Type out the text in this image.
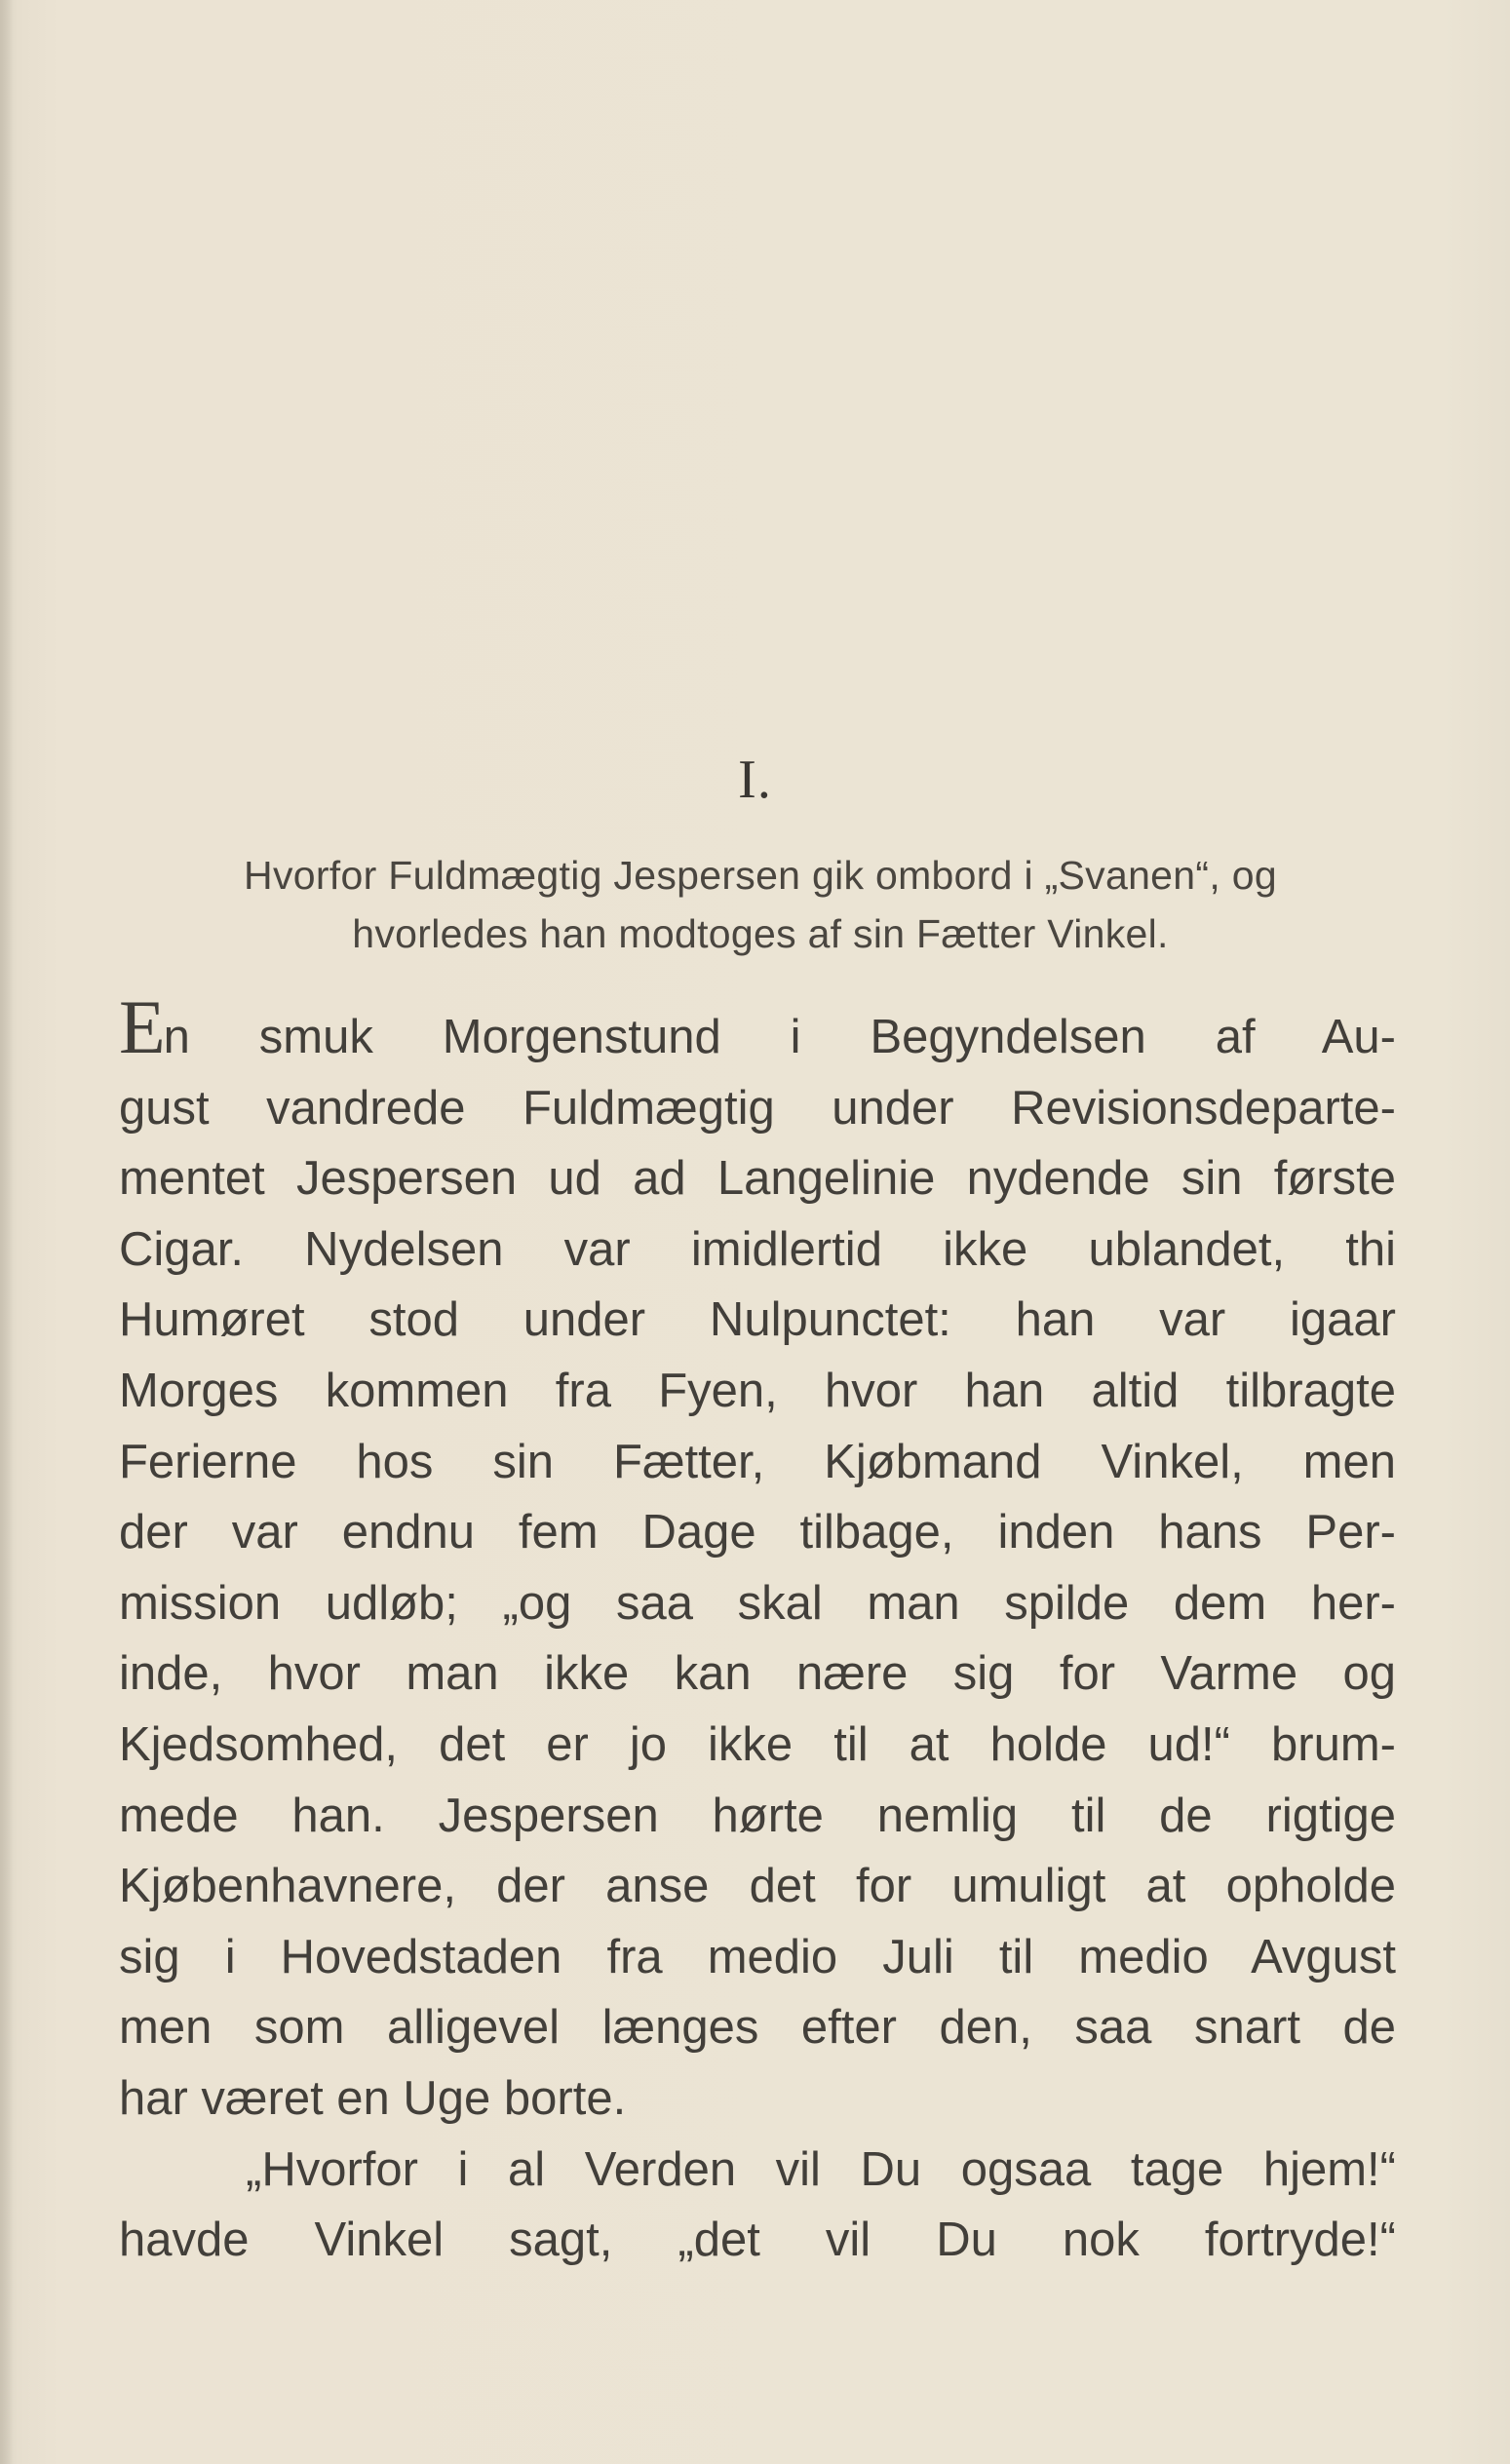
I.
Hvorfor Fuldmægtig Jespersen gik ombord i „Svanen“, og
hvorledes han modtoges af sin Fætter Vinkel.
En smuk Morgenstund i Begyndelsen af Au-
gust vandrede Fuldmægtig under Revisionsdeparte-
mentet Jespersen ud ad Langelinie nydende sin første
Cigar. Nydelsen var imidlertid ikke ublandet, thi
Humøret stod under Nulpunctet: han var igaar
Morges kommen fra Fyen, hvor han altid tilbragte
Ferierne hos sin Fætter, Kjøbmand Vinkel, men
der var endnu fem Dage tilbage, inden hans Per-
mission udløb; „og saa skal man spilde dem her-
inde, hvor man ikke kan nære sig for Varme og
Kjedsomhed, det er jo ikke til at holde ud!“ brum-
mede han. Jespersen hørte nemlig til de rigtige
Kjøbenhavnere, der anse det for umuligt at opholde
sig i Hovedstaden fra medio Juli til medio Avgust
men som alligevel længes efter den, saa snart de
har været en Uge borte.
„Hvorfor i al Verden vil Du ogsaa tage hjem!“
havde Vinkel sagt, „det vil Du nok fortryde!“
